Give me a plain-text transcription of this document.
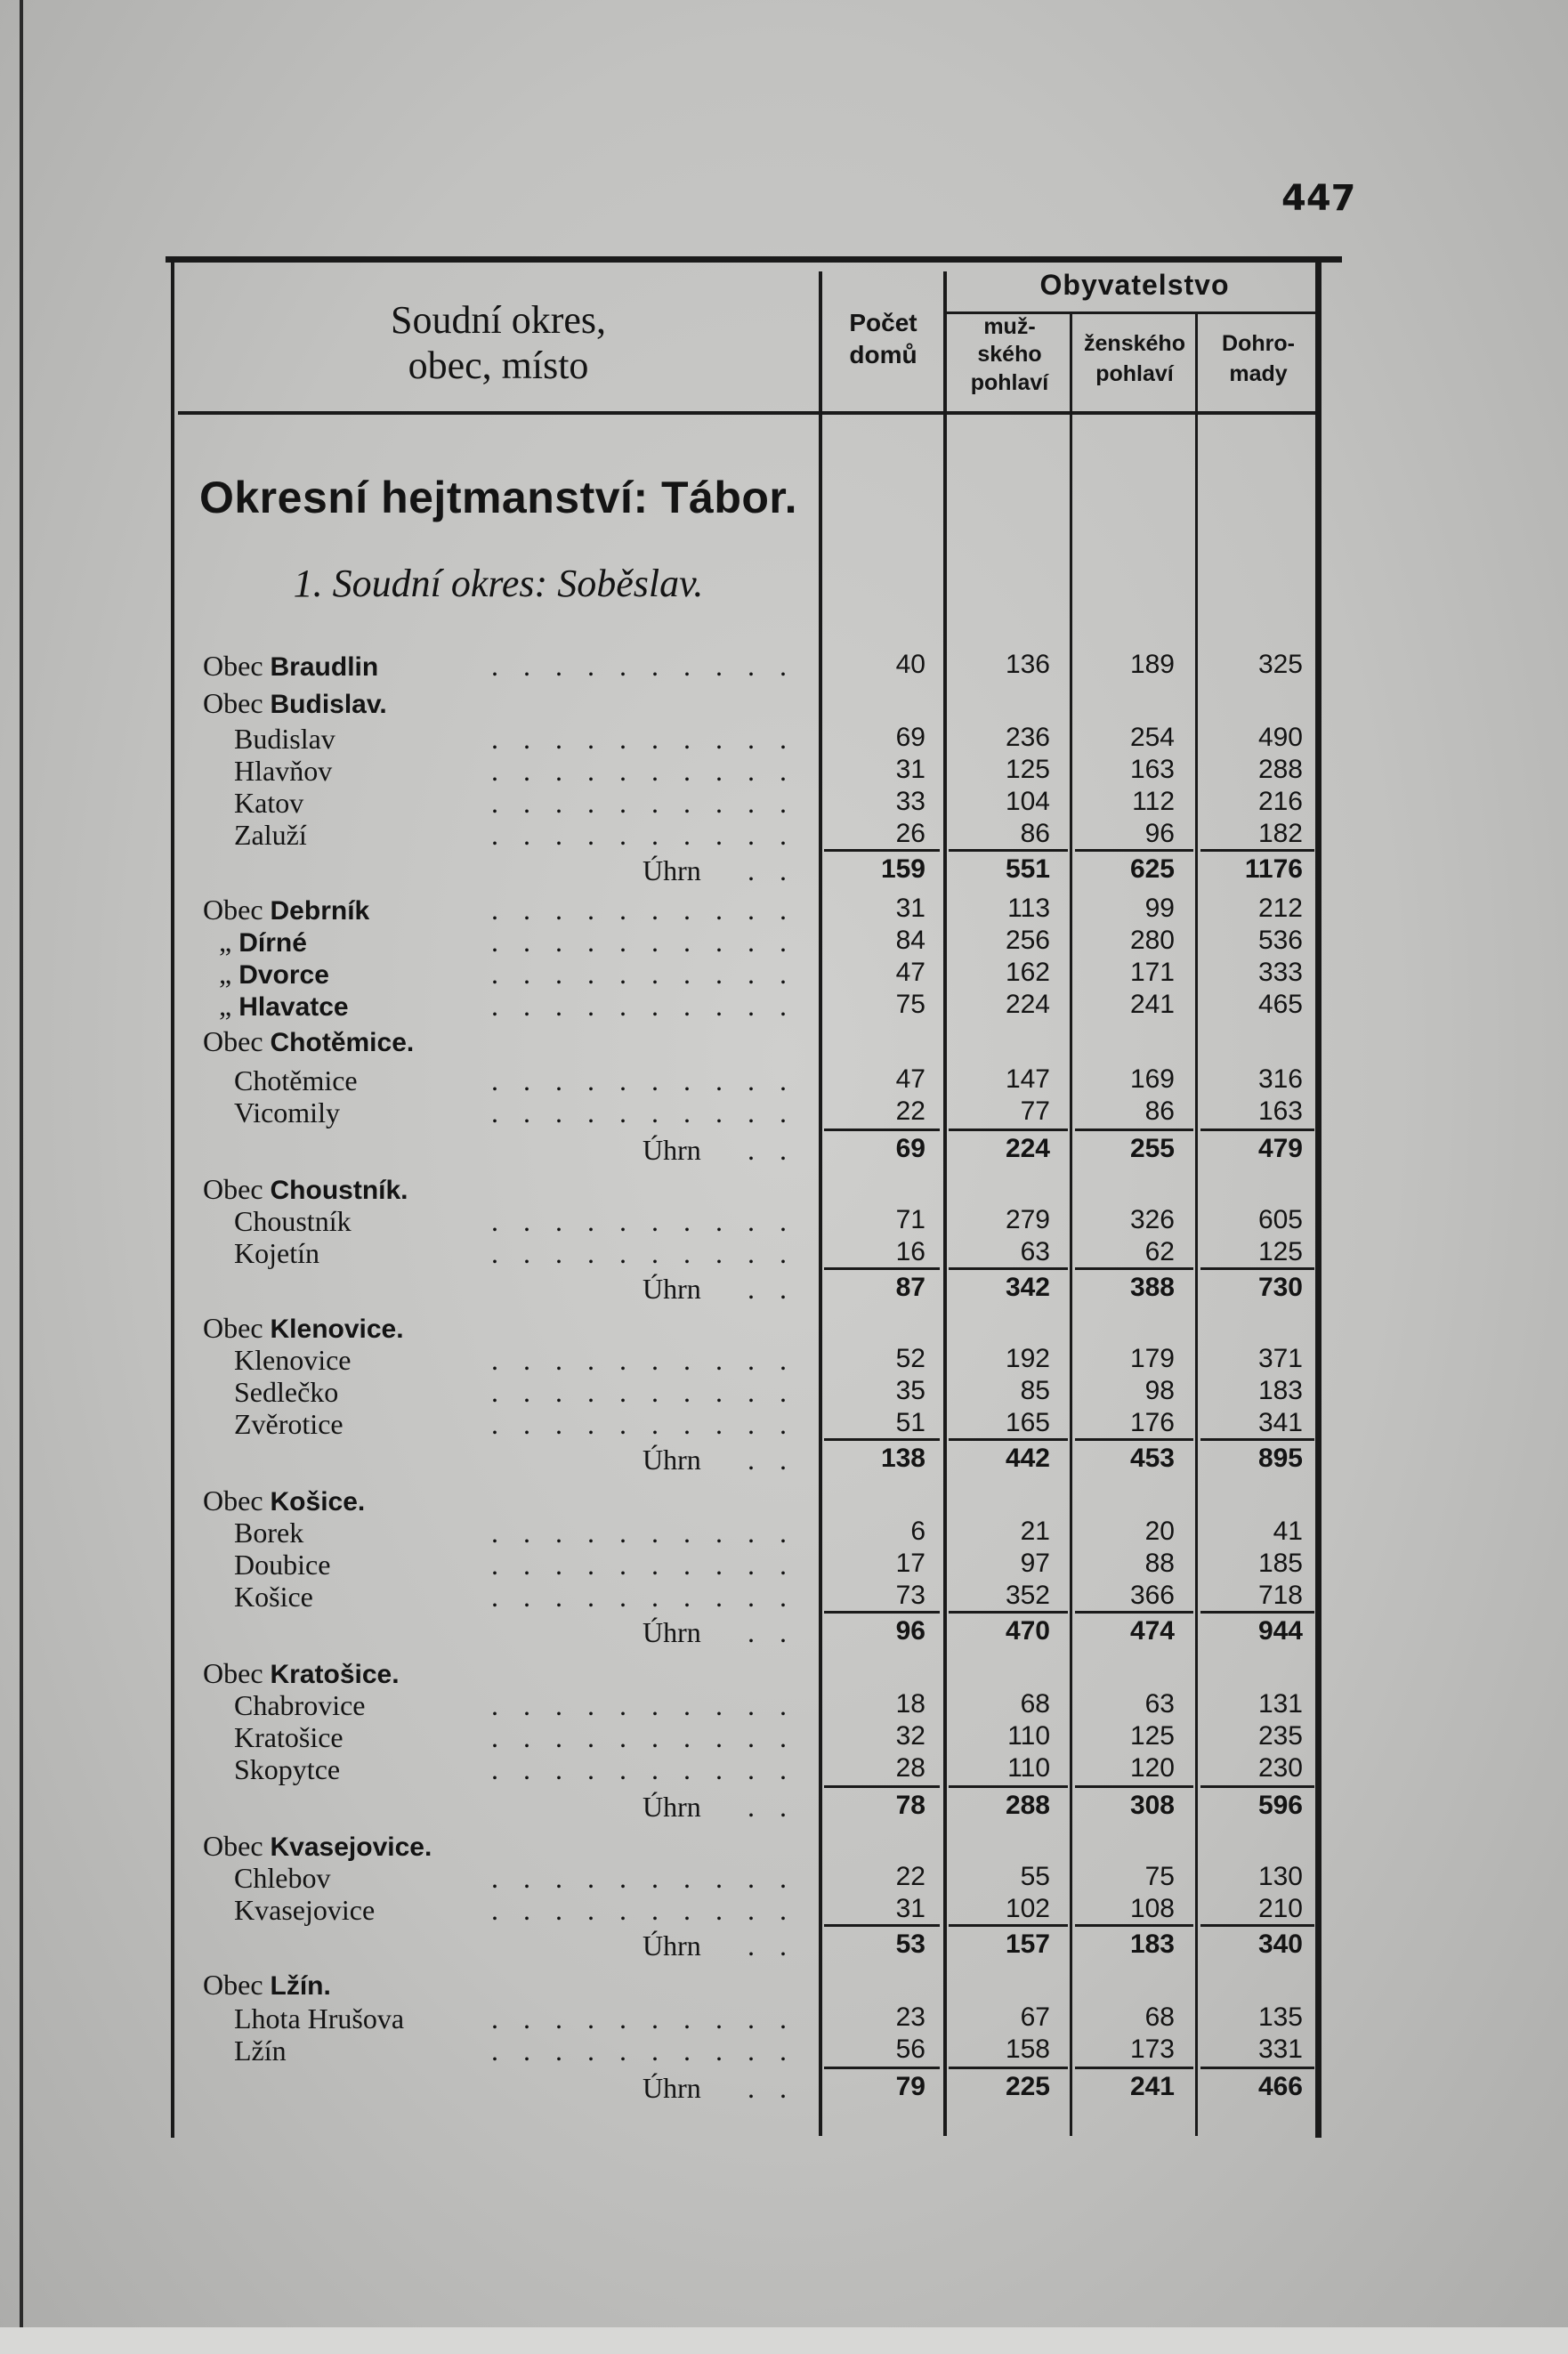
447
Soudní okres,
obec, místo
Počet
domů
Obyvatelstvo
muž-
ského
pohlaví
ženského
pohlaví
Dohro-
mady
Okresní hejtmanství: Tábor.
1. Soudní okres: Soběslav.
Obec Braudlin	. . . . . . . . . .	40	136	189	325
Obec Budislav.
Budislav	. . . . . . . . . .	69	236	254	490
Hlavňov	. . . . . . . . . .	31	125	163	288
Katov	. . . . . . . . . .	33	104	112	216
Zaluží	. . . . . . . . . .	26	86	96	182
Úhrn . .	159	551	625	1176
Obec Debrník	. . . . . . . . . .	31	113	99	212
„ Dírné	. . . . . . . . . .	84	256	280	536
„ Dvorce	. . . . . . . . . .	47	162	171	333
„ Hlavatce	. . . . . . . . . .	75	224	241	465
Obec Chotěmice.
Chotěmice	. . . . . . . . . .	47	147	169	316
Vicomily	. . . . . . . . . .	22	77	86	163
Úhrn . .	69	224	255	479
Obec Choustník.
Choustník	. . . . . . . . . .	71	279	326	605
Kojetín	. . . . . . . . . .	16	63	62	125
Úhrn . .	87	342	388	730
Obec Klenovice.
Klenovice	. . . . . . . . . .	52	192	179	371
Sedlečko	. . . . . . . . . .	35	85	98	183
Zvěrotice	. . . . . . . . . .	51	165	176	341
Úhrn . .	138	442	453	895
Obec Košice.
Borek	. . . . . . . . . .	6	21	20	41
Doubice	. . . . . . . . . .	17	97	88	185
Košice	. . . . . . . . . .	73	352	366	718
Úhrn . .	96	470	474	944
Obec Kratošice.
Chabrovice	. . . . . . . . . .	18	68	63	131
Kratošice	. . . . . . . . . .	32	110	125	235
Skopytce	. . . . . . . . . .	28	110	120	230
Úhrn . .	78	288	308	596
Obec Kvasejovice.
Chlebov	. . . . . . . . . .	22	55	75	130
Kvasejovice	. . . . . . . . . .	31	102	108	210
Úhrn . .	53	157	183	340
Obec Lžín.
Lhota Hrušova	. . . . . . . . . .	23	67	68	135
Lžín	. . . . . . . . . .	56	158	173	331
Úhrn . .	79	225	241	466
